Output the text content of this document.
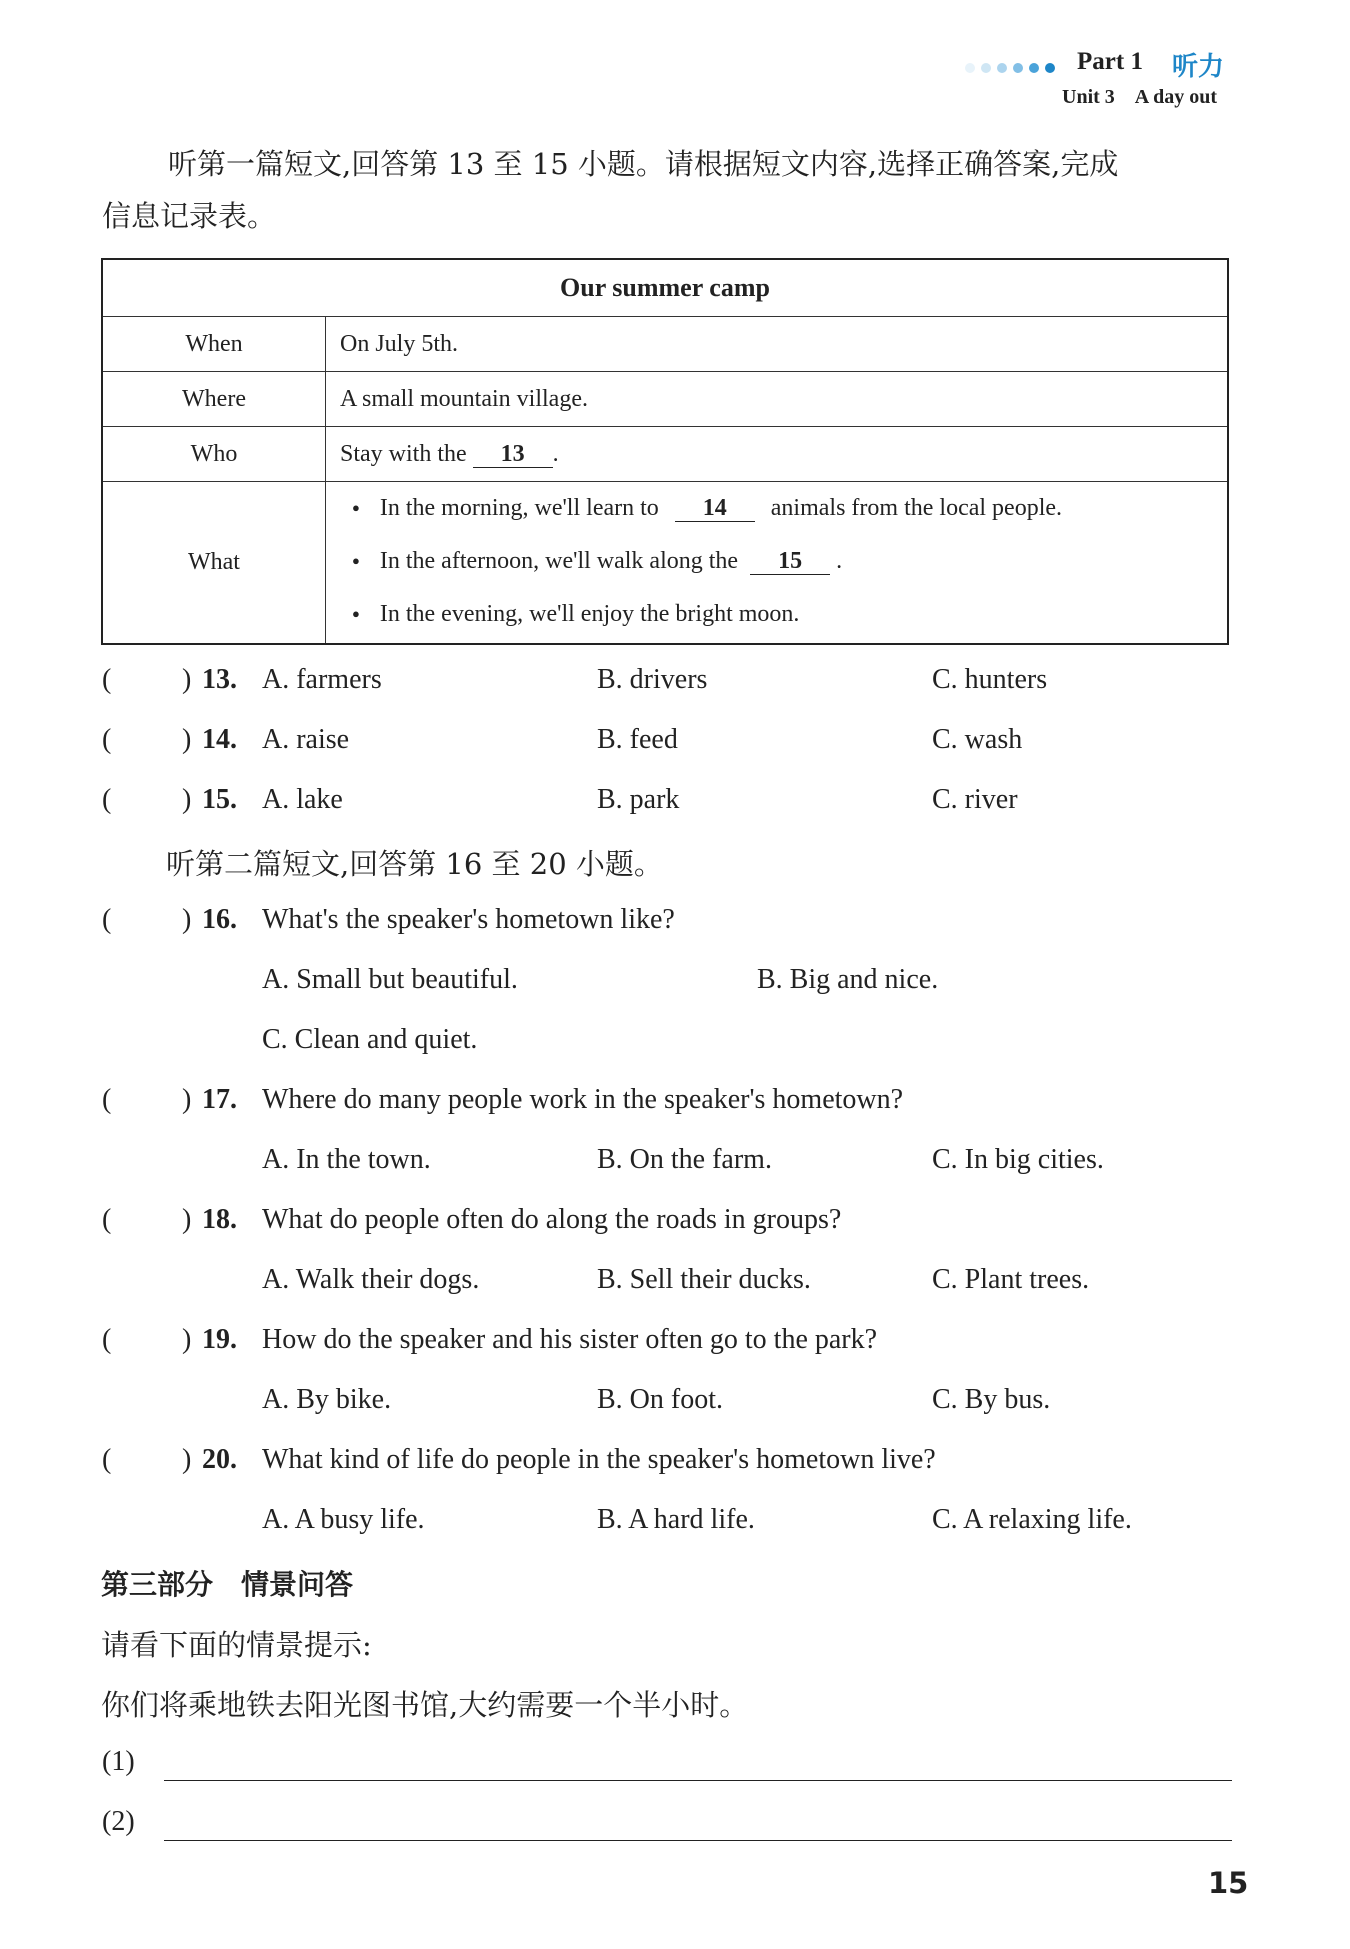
Part 1 听力
Unit 3 A day out
听第一篇短文,回答第 13 至 15 小题。请根据短文内容,选择正确答案,完成
信息记录表。
Our summer camp	
When	On July 5th.
Where	A small mountain village.
Who	Stay with the 13 .
What	● In the morning, we'll learn to 14 animals from the local people.
● In the afternoon, we'll walk along the 15 .
● In the evening, we'll enjoy the bright moon.
(	) 13. A. farmers	B. drivers	C. hunters
(	) 14. A. raise	B. feed	C. wash
(	) 15. A. lake	B. park	C. river
听第二篇短文,回答第 16 至 20 小题。
(	) 16. What's the speaker's hometown like?
A. Small but beautiful.	B. Big and nice.
C. Clean and quiet.
(	) 17. Where do many people work in the speaker's hometown?
A. In the town.	B. On the farm.	C. In big cities.
(	) 18. What do people often do along the roads in groups?
A. Walk their dogs.	B. Sell their ducks.	C. Plant trees.
(	) 19. How do the speaker and his sister often go to the park?
A. By bike.	B. On foot.	C. By bus.
(	) 20. What kind of life do people in the speaker's hometown live?
A. A busy life.	B. A hard life.	C. A relaxing life.
第三部分　情景问答
请看下面的情景提示:
你们将乘地铁去阳光图书馆,大约需要一个半小时。
(1)
(2)
15
